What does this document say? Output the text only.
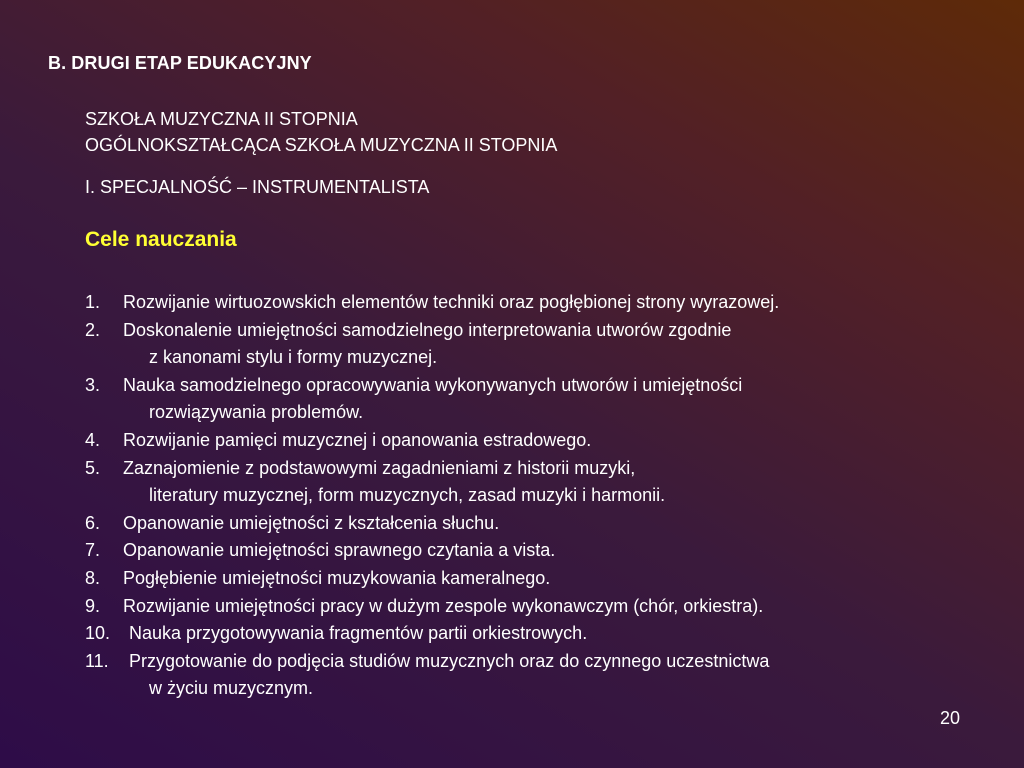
B. DRUGI ETAP EDUKACYJNY
SZKOŁA MUZYCZNA II STOPNIA
OGÓLNOKSZTAŁCĄCA SZKOŁA MUZYCZNA II STOPNIA
I. SPECJALNOŚĆ – INSTRUMENTALISTA
Cele nauczania
1. Rozwijanie wirtuozowskich elementów techniki oraz pogłębionej strony wyrazowej.
2. Doskonalenie umiejętności samodzielnego interpretowania utworów zgodnie
z kanonami stylu i formy muzycznej.
3. Nauka samodzielnego opracowywania wykonywanych utworów i umiejętności
rozwiązywania problemów.
4. Rozwijanie pamięci muzycznej i opanowania estradowego.
5. Zaznajomienie z podstawowymi zagadnieniami z historii muzyki,
literatury muzycznej, form muzycznych, zasad muzyki i harmonii.
6. Opanowanie umiejętności z kształcenia słuchu.
7. Opanowanie umiejętności sprawnego czytania a vista.
8. Pogłębienie umiejętności muzykowania kameralnego.
9. Rozwijanie umiejętności pracy w dużym zespole wykonawczym (chór, orkiestra).
10. Nauka przygotowywania fragmentów partii orkiestrowych.
11. Przygotowanie do podjęcia studiów muzycznych oraz do czynnego uczestnictwa
w życiu muzycznym.
20
